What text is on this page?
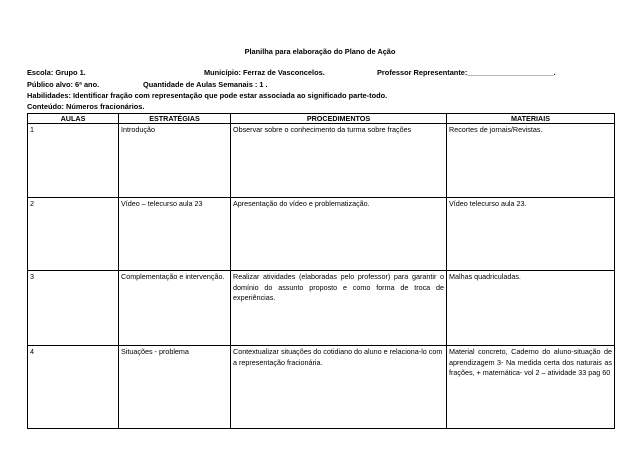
Planilha para elaboração do Plano de Ação
Escola: Grupo 1.	Município: Ferraz de Vasconcelos.	Professor Representante:_____________________.
Público alvo: 6ª ano.	Quantidade de Aulas Semanais : 1 .
Habilidades: Identificar fração com representação que pode estar associada ao significado parte-todo.
Conteúdo: Números fracionários.
AULAS	ESTRATÉGIAS	PROCEDIMENTOS	MATERIAIS
1	Introdução	Observar sobre o conhecimento da turma sobre frações	Recortes de jornais/Revistas.
2	Vídeo – telecurso aula 23	Apresentação do vídeo e problematização.	Vídeo telecurso aula 23.
3	Complementação e intervenção.	Realizar atividades (elaboradas pelo professor) para garantir o domínio do assunto proposto e como forma de troca de experiências.	Malhas quadriculadas.
4	Situações - problema	Contextualizar situações do cotidiano do aluno e relaciona-lo com a representação fracionária.	Material concreto, Caderno do aluno-situação de aprendizagem 3- Na medida certa dos naturais as frações, + matemática- vol 2 – atividade 33 pag 60
